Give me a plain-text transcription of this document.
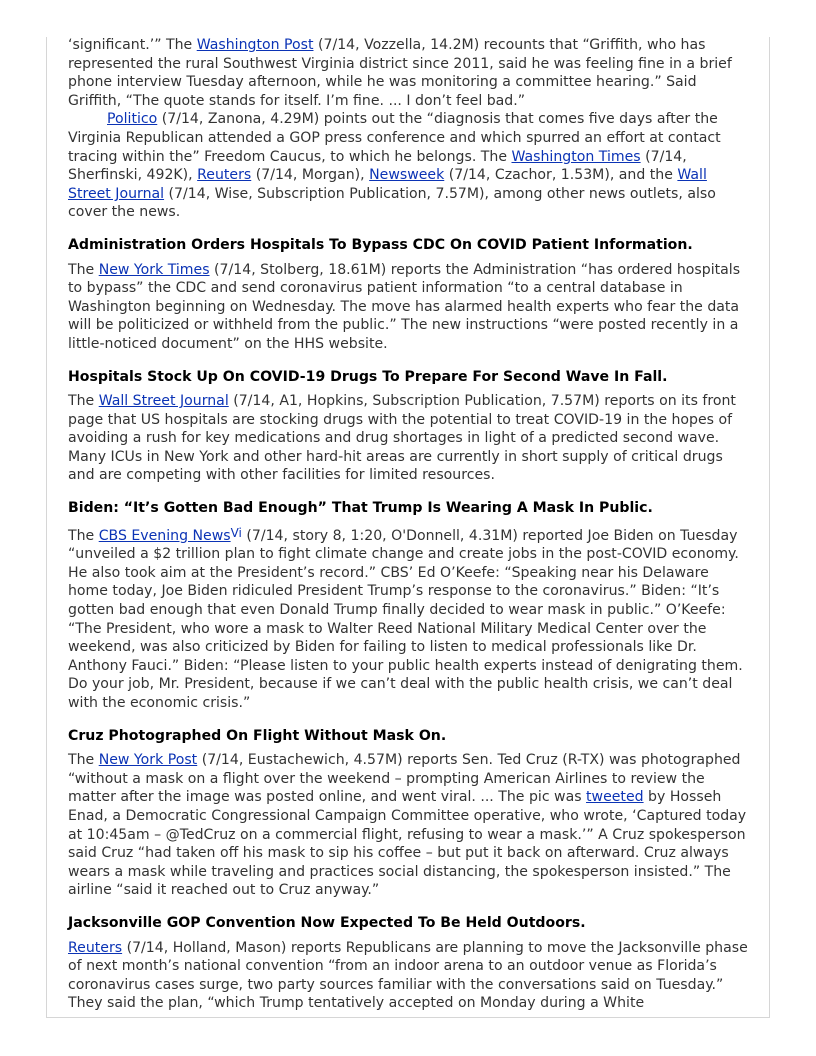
‘significant.’” The Washington Post (7/14, Vozzella, 14.2M) recounts that “Griffith, who has represented the rural Southwest Virginia district since 2011, said he was feeling fine in a brief phone interview Tuesday afternoon, while he was monitoring a committee hearing.” Said Griffith, “The quote stands for itself. I’m fine. ... I don’t feel bad.”

Politico (7/14, Zanona, 4.29M) points out the “diagnosis that comes five days after the Virginia Republican attended a GOP press conference and which spurred an effort at contact tracing within the” Freedom Caucus, to which he belongs. The Washington Times (7/14, Sherfinski, 492K), Reuters (7/14, Morgan), Newsweek (7/14, Czachor, 1.53M), and the Wall Street Journal (7/14, Wise, Subscription Publication, 7.57M), among other news outlets, also cover the news.

Administration Orders Hospitals To Bypass CDC On COVID Patient Information.

The New York Times (7/14, Stolberg, 18.61M) reports the Administration “has ordered hospitals to bypass” the CDC and send coronavirus patient information “to a central database in Washington beginning on Wednesday. The move has alarmed health experts who fear the data will be politicized or withheld from the public.” The new instructions “were posted recently in a little-noticed document” on the HHS website.

Hospitals Stock Up On COVID-19 Drugs To Prepare For Second Wave In Fall.

The Wall Street Journal (7/14, A1, Hopkins, Subscription Publication, 7.57M) reports on its front page that US hospitals are stocking drugs with the potential to treat COVID-19 in the hopes of avoiding a rush for key medications and drug shortages in light of a predicted second wave. Many ICUs in New York and other hard-hit areas are currently in short supply of critical drugs and are competing with other facilities for limited resources.

Biden: “It’s Gotten Bad Enough” That Trump Is Wearing A Mask In Public.

The CBS Evening News$^{Vi}$ (7/14, story 8, 1:20, O'Donnell, 4.31M) reported Joe Biden on Tuesday “unveiled a $2 trillion plan to fight climate change and create jobs in the post-COVID economy. He also took aim at the President’s record.” CBS’ Ed O’Keefe: “Speaking near his Delaware home today, Joe Biden ridiculed President Trump’s response to the coronavirus.” Biden: “It’s gotten bad enough that even Donald Trump finally decided to wear mask in public.” O’Keefe: “The President, who wore a mask to Walter Reed National Military Medical Center over the weekend, was also criticized by Biden for failing to listen to medical professionals like Dr. Anthony Fauci.” Biden: “Please listen to your public health experts instead of denigrating them. Do your job, Mr. President, because if we can’t deal with the public health crisis, we can’t deal with the economic crisis.”

Cruz Photographed On Flight Without Mask On.

The New York Post (7/14, Eustachewich, 4.57M) reports Sen. Ted Cruz (R-TX) was photographed “without a mask on a flight over the weekend – prompting American Airlines to review the matter after the image was posted online, and went viral. ... The pic was tweeted by Hosseh Enad, a Democratic Congressional Campaign Committee operative, who wrote, ‘Captured today at 10:45am – @TedCruz on a commercial flight, refusing to wear a mask.’” A Cruz spokesperson said Cruz “had taken off his mask to sip his coffee – but put it back on afterward. Cruz always wears a mask while traveling and practices social distancing, the spokesperson insisted.” The airline “said it reached out to Cruz anyway.”

Jacksonville GOP Convention Now Expected To Be Held Outdoors.

Reuters (7/14, Holland, Mason) reports Republicans are planning to move the Jacksonville phase of next month’s national convention “from an indoor arena to an outdoor venue as Florida’s coronavirus cases surge, two party sources familiar with the conversations said on Tuesday.” They said the plan, “which Trump tentatively accepted on Monday during a White
